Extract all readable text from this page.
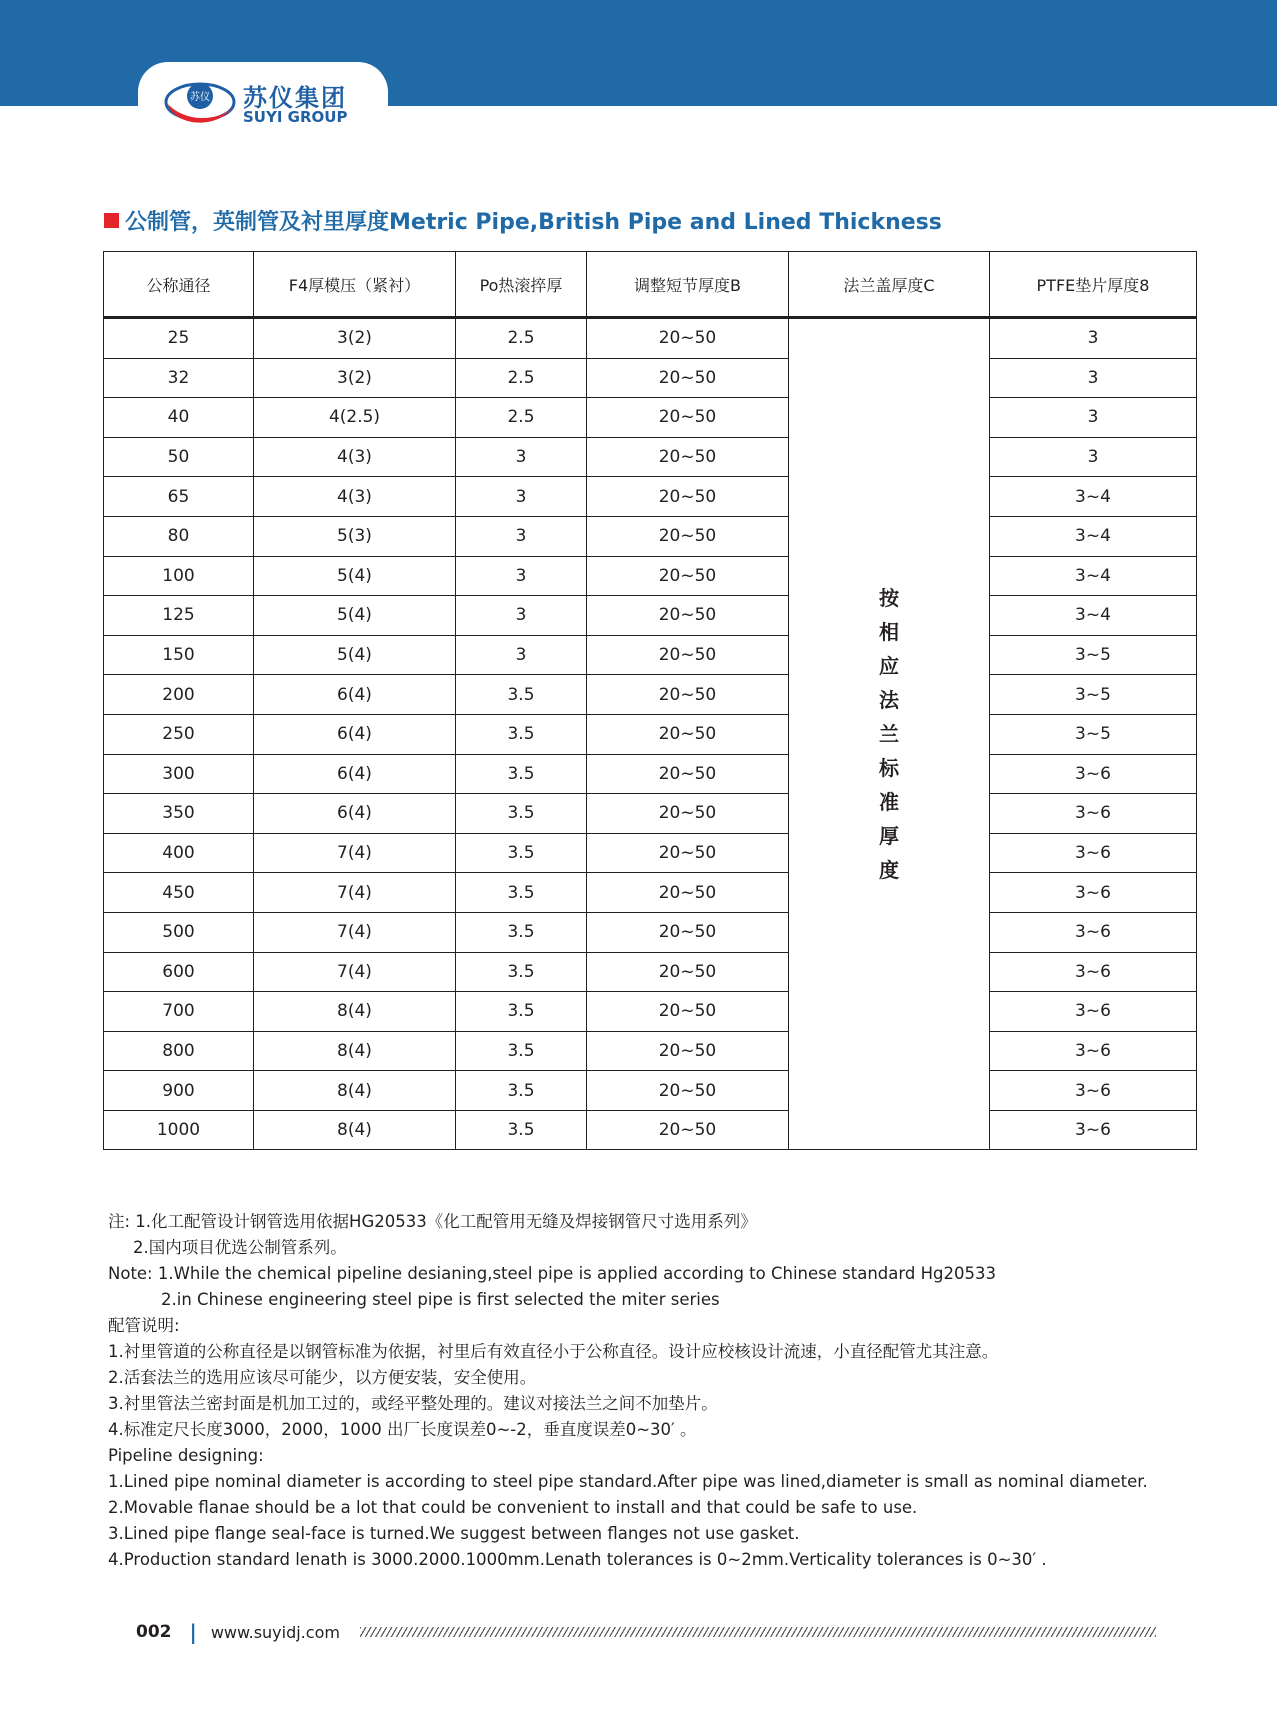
苏仪 苏仪集团
SUYI GROUP
公制管，英制管及衬里厚度Metric Pipe,British Pipe and Lined Thickness
公称通径	F4厚模压（紧衬）	Po热滚捽厚	调整短节厚度B	法兰盖厚度C	PTFE垫片厚度8
25	3(2)	2.5	20~50	按相应法兰标准厚度	3
32	3(2)	2.5	20~50		3
40	4(2.5)	2.5	20~50		3
50	4(3)	3	20~50		3
65	4(3)	3	20~50		3~4
80	5(3)	3	20~50		3~4
100	5(4)	3	20~50		3~4
125	5(4)	3	20~50		3~4
150	5(4)	3	20~50		3~5
200	6(4)	3.5	20~50		3~5
250	6(4)	3.5	20~50		3~5
300	6(4)	3.5	20~50		3~6
350	6(4)	3.5	20~50		3~6
400	7(4)	3.5	20~50		3~6
450	7(4)	3.5	20~50		3~6
500	7(4)	3.5	20~50		3~6
600	7(4)	3.5	20~50		3~6
700	8(4)	3.5	20~50		3~6
800	8(4)	3.5	20~50		3~6
900	8(4)	3.5	20~50		3~6
1000	8(4)	3.5	20~50		3~6

注: 1.化工配管设计钢管选用依据HG20533《化工配管用无缝及焊接钢管尺寸选用系列》

2.国内项目优选公制管系列。

Note: 1.While the chemical pipeline desianing,steel pipe is applied according to Chinese standard Hg20533

2.in Chinese engineering steel pipe is first selected the miter series

配管说明:

1.衬里管道的公称直径是以钢管标准为依据，衬里后有效直径小于公称直径。设计应校核设计流速，小直径配管尤其注意。

2.活套法兰的选用应该尽可能少，以方便安装，安全使用。

3.衬里管法兰密封面是机加工过的，或经平整处理的。建议对接法兰之间不加垫片。

4.标准定尺长度3000，2000，1000 出厂长度误差0~-2，垂直度误差0~30′ 。

Pipeline designing:

1.Lined pipe nominal diameter is according to steel pipe standard.After pipe was lined,diameter is small as nominal diameter.

2.Movable flanae should be a lot that could be convenient to install and that could be safe to use.

3.Lined pipe flange seal-face is turned.We suggest between flanges not use gasket.

4.Production standard lenath is 3000.2000.1000mm.Lenath tolerances is 0~2mm.Verticality tolerances is 0~30′ .

002 | www.suyidj.com
